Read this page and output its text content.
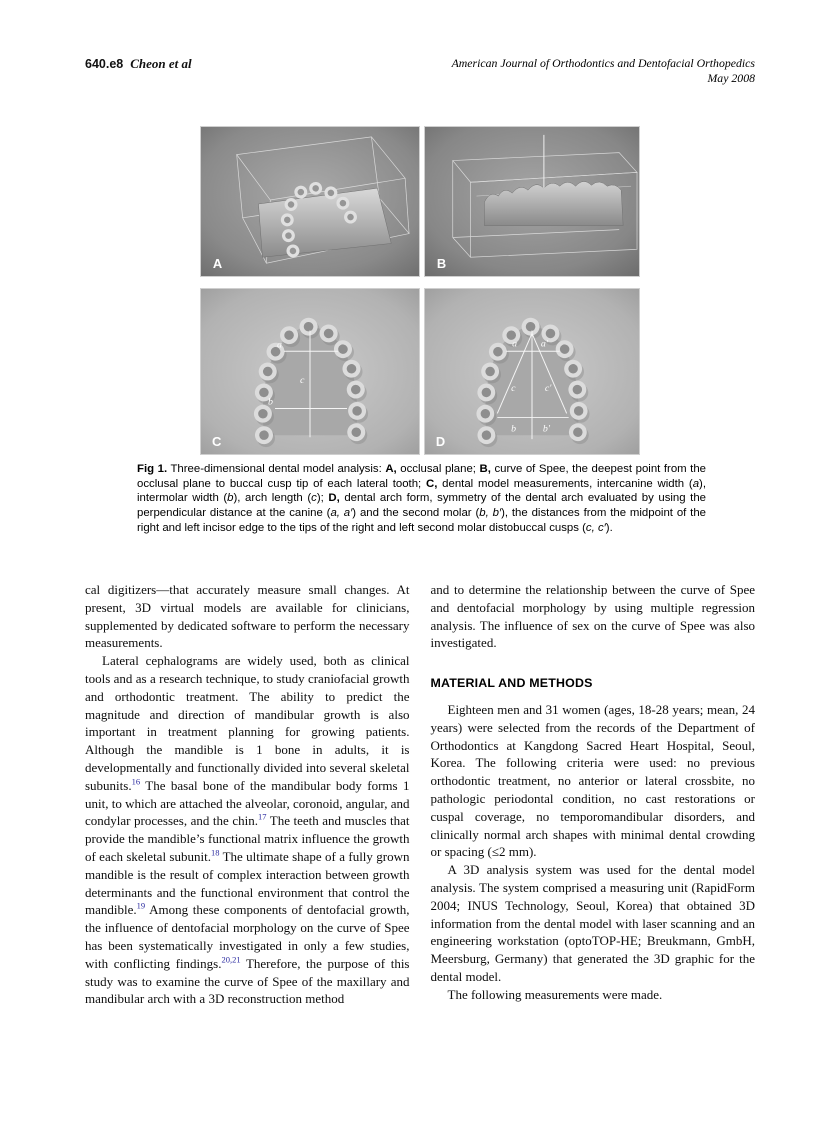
640.e8 Cheon et al	American Journal of Orthodontics and Dentofacial Orthopedics
May 2008
A	B
a
c
b
C
a a′
c	c′
b	b′
D
Fig 1. Three-dimensional dental model analysis: A, occlusal plane; B, curve of Spee, the deepest point from the occlusal plane to buccal cusp tip of each lateral tooth; C, dental model measurements, intercanine width (a), intermolar width (b), arch length (c); D, dental arch form, symmetry of the dental arch evaluated by using the perpendicular distance at the canine (a, a′) and the second molar (b, b′), the distances from the midpoint of the right and left incisor edge to the tips of the right and left second molar distobuccal cusps (c, c′).

cal digitizers—that accurately measure small changes. At present, 3D virtual models are available for clinicians, supplemented by dedicated software to perform the necessary measurements.

Lateral cephalograms are widely used, both as clinical tools and as a research technique, to study craniofacial growth and orthodontic treatment. The ability to predict the magnitude and direction of mandibular growth is also important in treatment planning for growing patients. Although the mandible is 1 bone in adults, it is developmentally and functionally divided into several skeletal subunits.$^{16}$ The basal bone of the mandibular body forms 1 unit, to which are attached the alveolar, coronoid, angular, and condylar processes, and the chin.$^{17}$ The teeth and muscles that provide the mandible’s functional matrix influence the growth of each skeletal subunit.$^{18}$ The ultimate shape of a fully grown mandible is the result of complex interaction between growth determinants and the functional environment that control the mandible.$^{19}$ Among these components of dentofacial growth, the influence of dentofacial morphology on the curve of Spee has been systematically investigated in only a few studies, with conflicting findings.$^{20,21}$ Therefore, the purpose of this study was to examine the curve of Spee of the maxillary and mandibular arch with a 3D reconstruction method

and to determine the relationship between the curve of Spee and dentofacial morphology by using multiple regression analysis. The influence of sex on the curve of Spee was also investigated.

MATERIAL AND METHODS

Eighteen men and 31 women (ages, 18-28 years; mean, 24 years) were selected from the records of the Department of Orthodontics at Kangdong Sacred Heart Hospital, Seoul, Korea. The following criteria were used: no previous orthodontic treatment, no anterior or lateral crossbite, no pathologic periodontal condition, no cast restorations or cuspal coverage, no temporomandibular disorders, and clinically normal arch shapes with minimal dental crowding or spacing (≤2 mm).

A 3D analysis system was used for the dental model analysis. The system comprised a measuring unit (RapidForm 2004; INUS Technology, Seoul, Korea) that obtained 3D information from the dental model with laser scanning and an engineering workstation (optoTOP-HE; Breukmann, GmbH, Meersburg, Germany) that generated the 3D graphic for the dental model.

The following measurements were made.
